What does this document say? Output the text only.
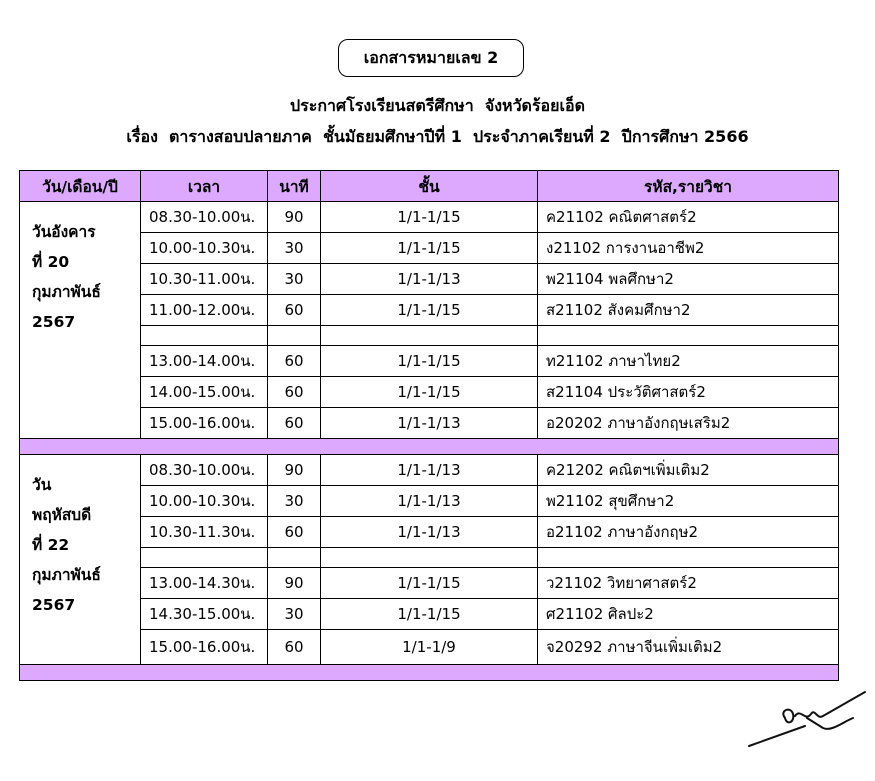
เอกสารหมายเลข 2
ประกาศโรงเรียนสตรีศึกษา  จังหวัดร้อยเอ็ด
เรื่อง  ตารางสอบปลายภาค  ชั้นมัธยมศึกษาปีที่ 1  ประจำภาคเรียนที่ 2  ปีการศึกษา 2566
วัน/เดือน/ปี	เวลา	นาที	ชั้น	รหัส,รายวิชา

วันอังคาร
ที่ 20
กุมภาพันธ์
2567	08.30-10.00น.	90	1/1-1/15	ค21102 คณิตศาสตร์2
	10.00-10.30น.	30	1/1-1/15	ง21102 การงานอาชีพ2
	10.30-11.00น.	30	1/1-1/13	พ21104 พลศึกษา2
	11.00-12.00น.	60	1/1-1/15	ส21102 สังคมศึกษา2

	13.00-14.00น.	60	1/1-1/15	ท21102 ภาษาไทย2
	14.00-15.00น.	60	1/1-1/15	ส21104 ประวัติศาสตร์2
	15.00-16.00น.	60	1/1-1/13	อ20202 ภาษาอังกฤษเสริม2

วัน
พฤหัสบดี
ที่ 22
กุมภาพันธ์
2567	08.30-10.00น.	90	1/1-1/13	ค21202 คณิตฯเพิ่มเติม2
	10.00-10.30น.	30	1/1-1/13	พ21102 สุขศึกษา2
	10.30-11.30น.	60	1/1-1/13	อ21102 ภาษาอังกฤษ2

	13.00-14.30น.	90	1/1-1/15	ว21102 วิทยาศาสตร์2
	14.30-15.00น.	30	1/1-1/15	ศ21102 ศิลปะ2
	15.00-16.00น.	60	1/1-1/9	จ20292 ภาษาจีนเพิ่มเติม2
